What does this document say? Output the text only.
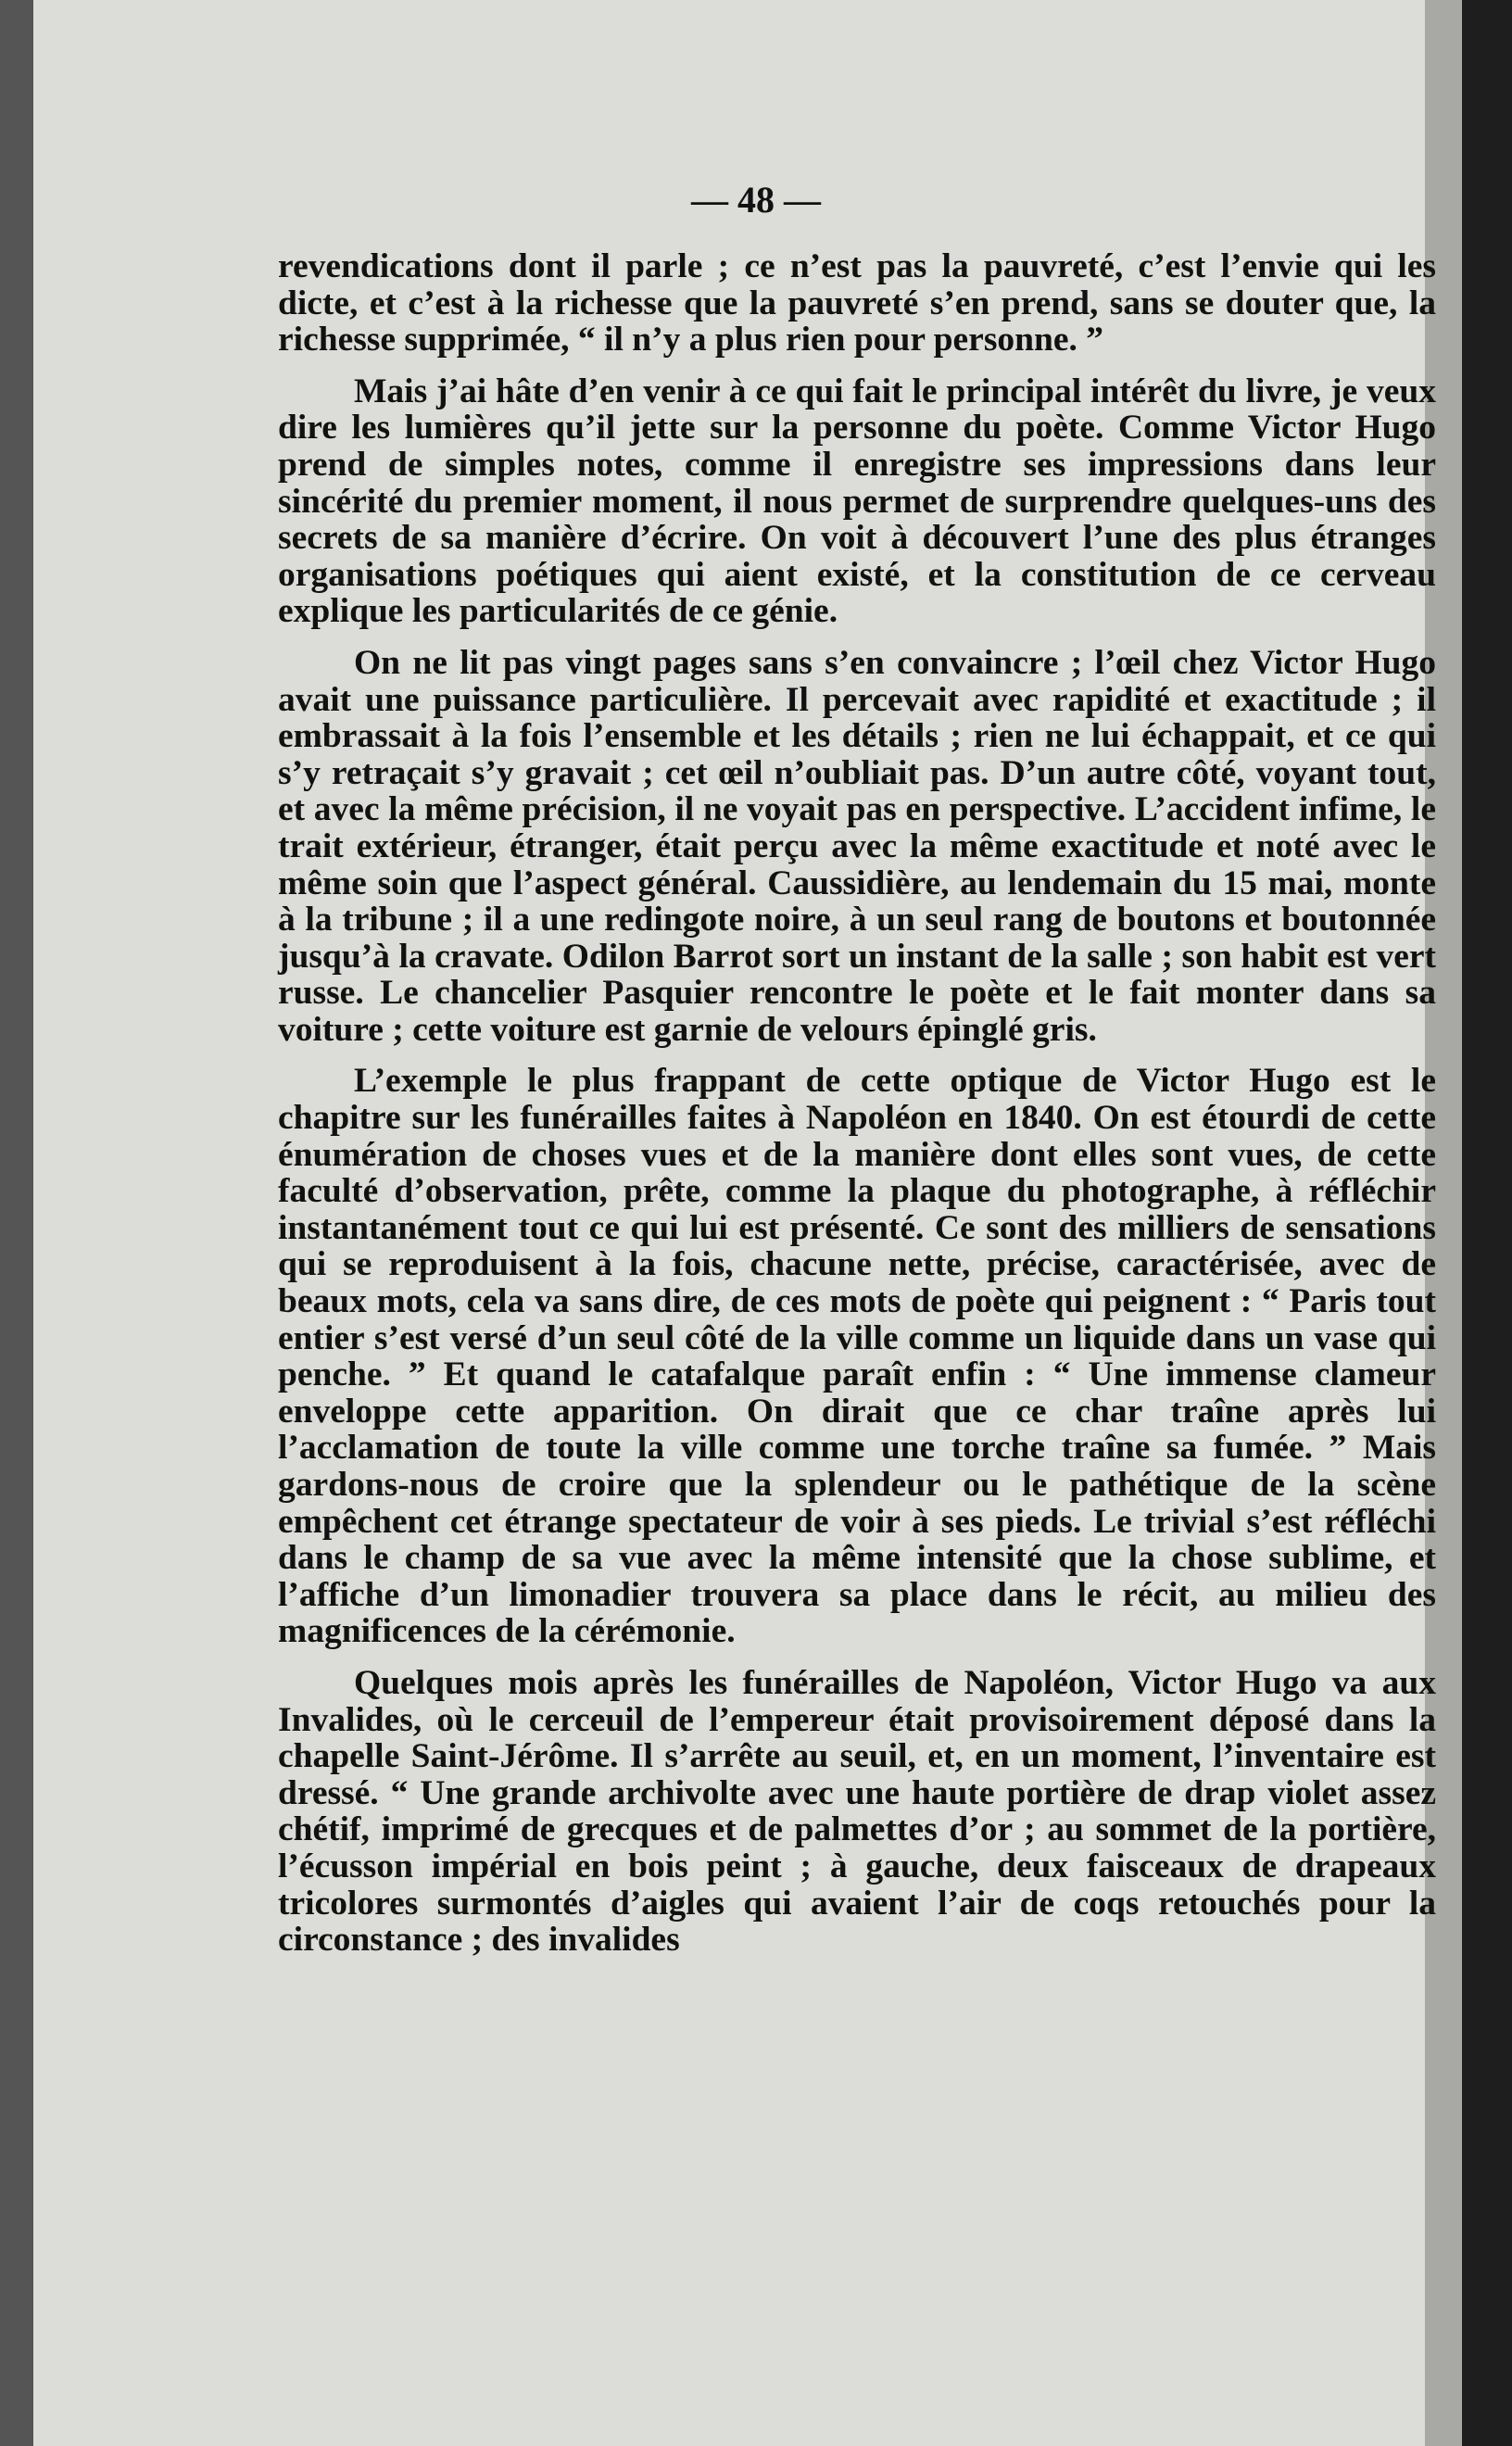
— 48 —

revendications dont il parle ; ce n’est pas la pauvreté, c’est l’envie qui les dicte, et c’est à la richesse que la pauvreté s’en prend, sans se douter que, la richesse supprimée, “ il n’y a plus rien pour personne. ”

Mais j’ai hâte d’en venir à ce qui fait le principal intérêt du livre, je veux dire les lumières qu’il jette sur la personne du poète. Comme Victor Hugo prend de simples notes, comme il enregistre ses impressions dans leur sincérité du premier moment, il nous permet de surprendre quelques-uns des secrets de sa manière d’écrire. On voit à découvert l’une des plus étranges organisations poétiques qui aient existé, et la constitution de ce cerveau explique les particularités de ce génie.

On ne lit pas vingt pages sans s’en convaincre ; l’œil chez Victor Hugo avait une puissance particulière. Il percevait avec rapidité et exactitude ; il embrassait à la fois l’ensemble et les détails ; rien ne lui échappait, et ce qui s’y retraçait s’y gravait ; cet œil n’oubliait pas. D’un autre côté, voyant tout, et avec la même précision, il ne voyait pas en perspective. L’accident infime, le trait extérieur, étranger, était perçu avec la même exactitude et noté avec le même soin que l’aspect général. Caussidière, au lendemain du 15 mai, monte à la tribune ; il a une redingote noire, à un seul rang de boutons et boutonnée jusqu’à la cravate. Odilon Barrot sort un instant de la salle ; son habit est vert russe. Le chancelier Pasquier rencontre le poète et le fait monter dans sa voiture ; cette voiture est garnie de velours épinglé gris.

L’exemple le plus frappant de cette optique de Victor Hugo est le chapitre sur les funérailles faites à Napoléon en 1840. On est étourdi de cette énumération de choses vues et de la manière dont elles sont vues, de cette faculté d’observation, prête, comme la plaque du photographe, à réfléchir instantanément tout ce qui lui est présenté. Ce sont des milliers de sensations qui se reproduisent à la fois, chacune nette, précise, caractérisée, avec de beaux mots, cela va sans dire, de ces mots de poète qui peignent : “ Paris tout entier s’est versé d’un seul côté de la ville comme un liquide dans un vase qui penche. ” Et quand le catafalque paraît enfin : “ Une immense clameur enveloppe cette apparition. On dirait que ce char traîne après lui l’acclamation de toute la ville comme une torche traîne sa fumée. ” Mais gardons-nous de croire que la splendeur ou le pathétique de la scène empêchent cet étrange spectateur de voir à ses pieds. Le trivial s’est réfléchi dans le champ de sa vue avec la même intensité que la chose sublime, et l’affiche d’un limonadier trouvera sa place dans le récit, au milieu des magnificences de la cérémonie.

Quelques mois après les funérailles de Napoléon, Victor Hugo va aux Invalides, où le cerceuil de l’empereur était provisoirement déposé dans la chapelle Saint-Jérôme. Il s’arrête au seuil, et, en un moment, l’inventaire est dressé. “ Une grande archivolte avec une haute portière de drap violet assez chétif, imprimé de grecques et de palmettes d’or ; au sommet de la portière, l’écusson impérial en bois peint ; à gauche, deux faisceaux de drapeaux tricolores surmontés d’aigles qui avaient l’air de coqs retouchés pour la circonstance ; des invalides
